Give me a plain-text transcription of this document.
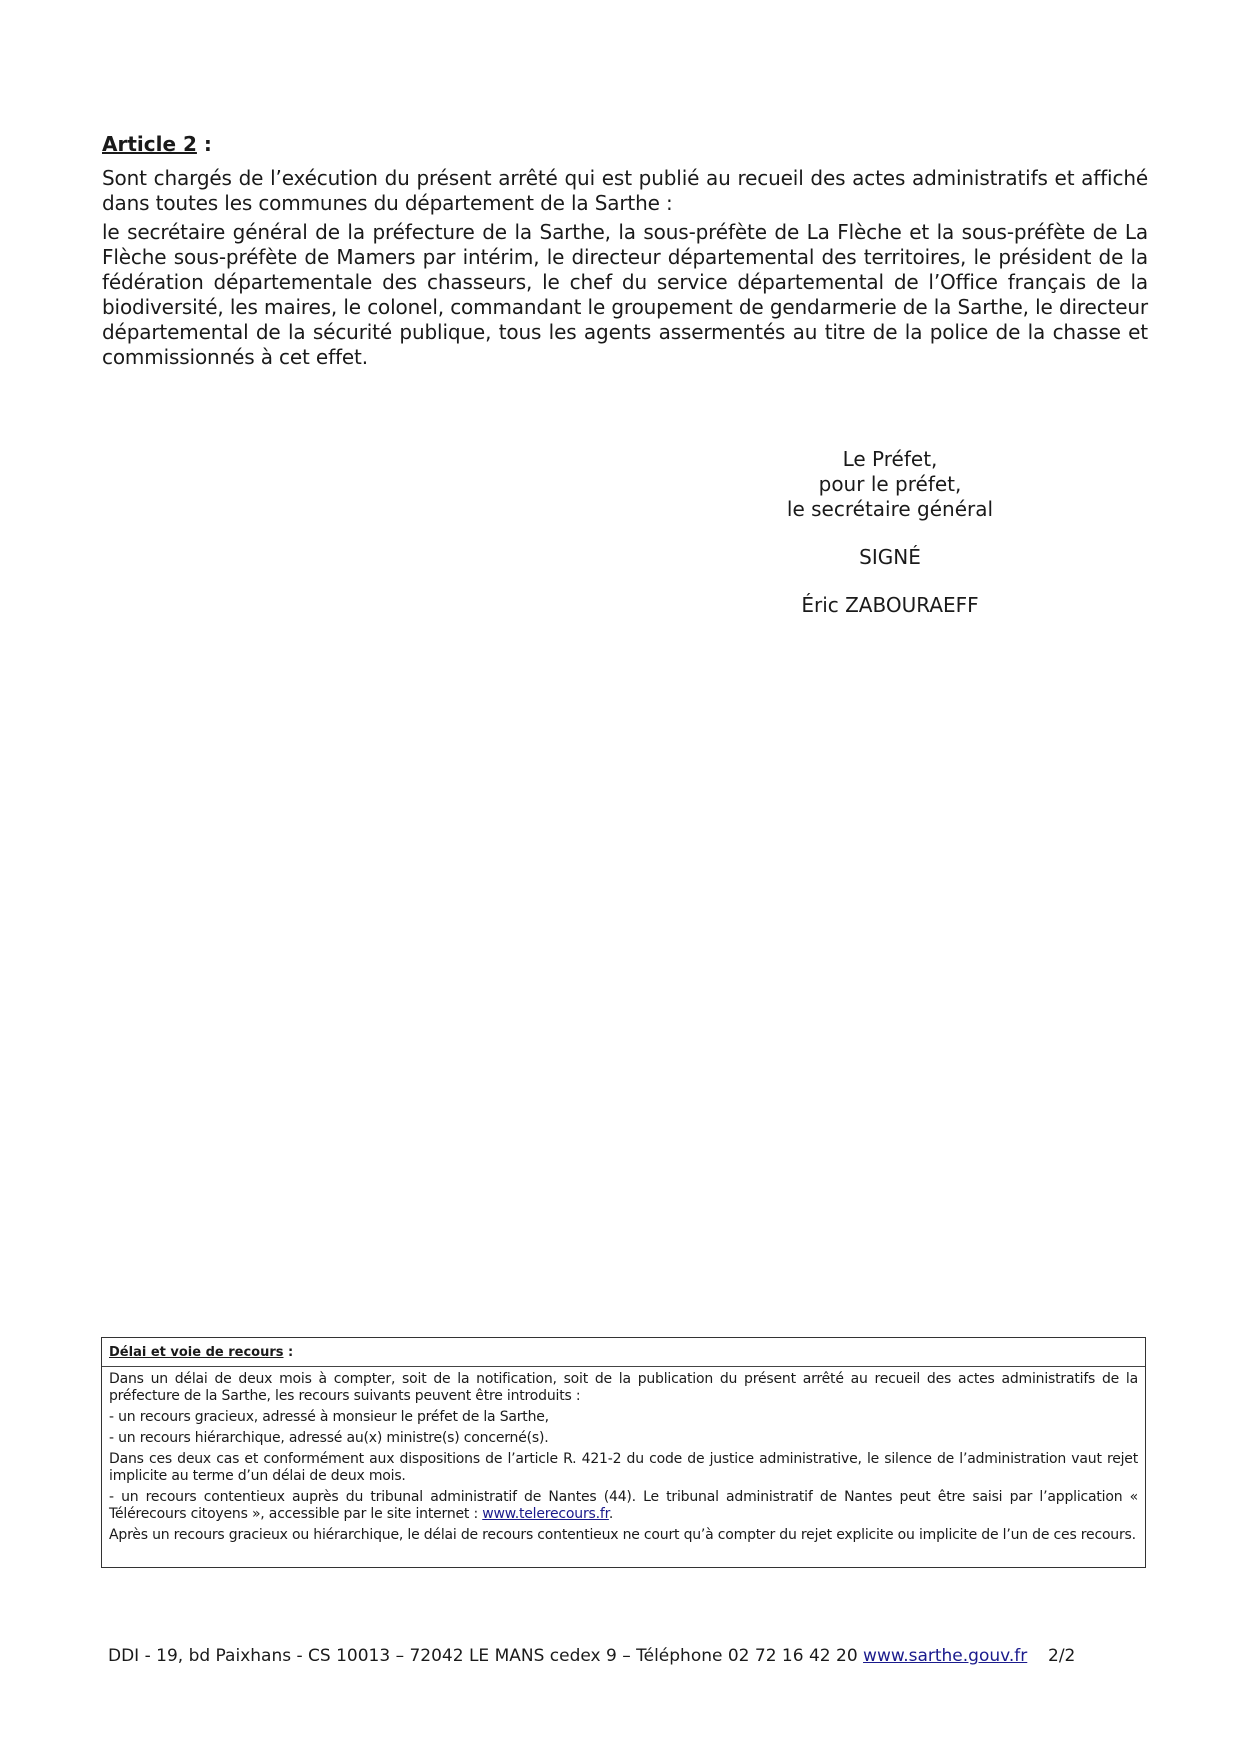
Article 2 :

Sont chargés de l’exécution du présent arrêté qui est publié au recueil des actes administratifs et affiché dans toutes les communes du département de la Sarthe :

le secrétaire général de la préfecture de la Sarthe, la sous-préfète de La Flèche et la sous-préfète de La Flèche sous-préfète de Mamers par intérim, le directeur départemental des territoires, le président de la fédération départementale des chasseurs, le chef du service départemental de l’Office français de la biodiversité, les maires, le colonel, commandant le groupement de gendarmerie de la Sarthe, le directeur départemental de la sécurité publique, tous les agents assermentés au titre de la police de la chasse et commissionnés à cet effet.

Le Préfet,
pour le préfet,
le secrétaire général
SIGNÉ
Éric ZABOURAEFF
Délai et voie de recours :

Dans un délai de deux mois à compter, soit de la notification, soit de la publication du présent arrêté au recueil des actes administratifs de la préfecture de la Sarthe, les recours suivants peuvent être introduits :

- un recours gracieux, adressé à monsieur le préfet de la Sarthe,

- un recours hiérarchique, adressé au(x) ministre(s) concerné(s).

Dans ces deux cas et conformément aux dispositions de l’article R. 421-2 du code de justice administrative, le silence de l’administration vaut rejet implicite au terme d’un délai de deux mois.

- un recours contentieux auprès du tribunal administratif de Nantes (44). Le tribunal administratif de Nantes peut être saisi par l’application « Télérecours citoyens », accessible par le site internet : www.telerecours.fr.

Après un recours gracieux ou hiérarchique, le délai de recours contentieux ne court qu’à compter du rejet explicite ou implicite de l’un de ces recours.

DDI - 19, bd Paixhans - CS 10013 – 72042 LE MANS cedex 9 – Téléphone 02 72 16 42 20 www.sarthe.gouv.fr 2/2
